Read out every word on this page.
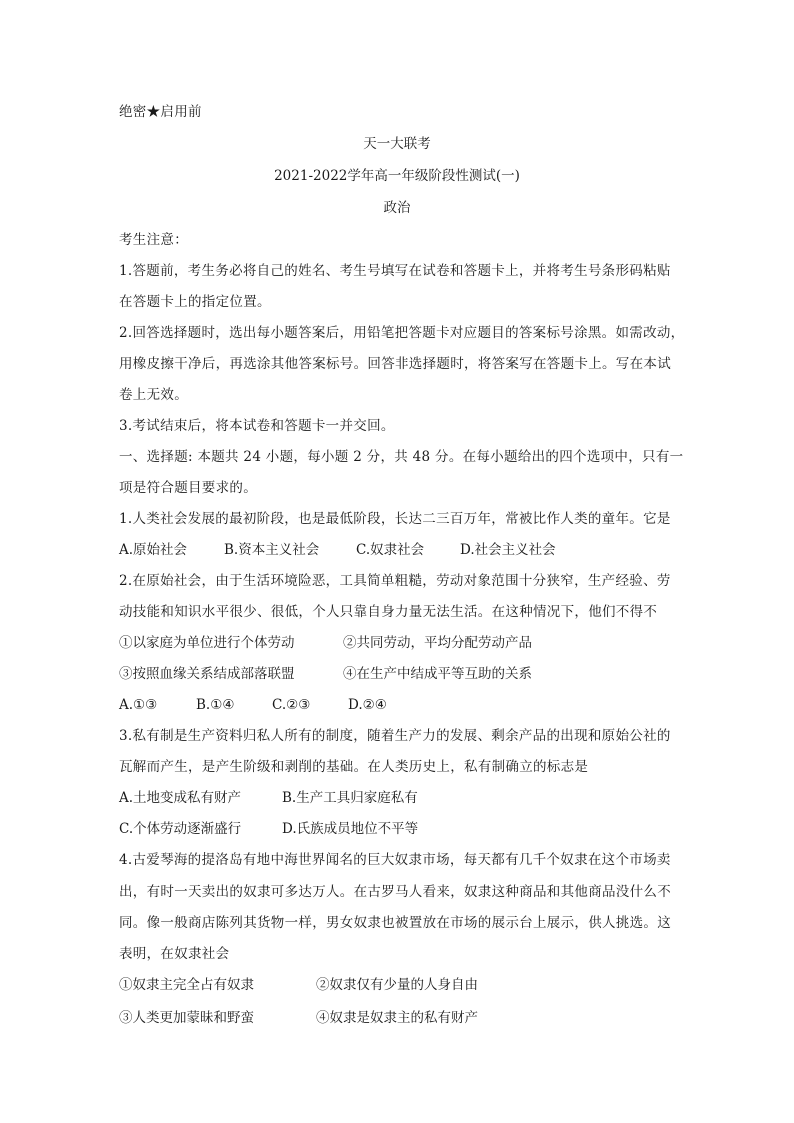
绝密★启用前
天一大联考
2021-2022学年高一年级阶段性测试(一)
政治
考生注意：
1.答题前，考生务必将自己的姓名、考生号填写在试卷和答题卡上，并将考生号条形码粘贴
在答题卡上的指定位置。
2.回答选择题时，选出每小题答案后，用铅笔把答题卡对应题目的答案标号涂黑。如需改动，
用橡皮擦干净后，再选涂其他答案标号。回答非选择题时，将答案写在答题卡上。写在本试
卷上无效。
3.考试结束后，将本试卷和答题卡一并交回。
一、选择题: 本题共 24 小题，每小题 2 分，共 48 分。在每小题给出的四个选项中，只有一
项是符合题目要求的。
1.人类社会发展的最初阶段，也是最低阶段，长达二三百万年，常被比作人类的童年。它是
A.原始社会	B.资本主义社会	C.奴隶社会	D.社会主义社会
2.在原始社会，由于生活环境险恶，工具简单粗糙，劳动对象范围十分狭窄，生产经验、劳
动技能和知识水平很少、很低，个人只靠自身力量无法生活。在这种情况下，他们不得不
①以家庭为单位进行个体劳动	②共同劳动，平均分配劳动产品
③按照血缘关系结成部落联盟	④在生产中结成平等互助的关系
A.①③	B.①④	C.②③	D.②④
3.私有制是生产资料归私人所有的制度，随着生产力的发展、剩余产品的出现和原始公社的
瓦解而产生，是产生阶级和剥削的基础。在人类历史上，私有制确立的标志是
A.土地变成私有财产	B.生产工具归家庭私有
C.个体劳动逐渐盛行	D.氏族成员地位不平等
4.古爱琴海的提洛岛有地中海世界闻名的巨大奴隶市场，每天都有几千个奴隶在这个市场卖
出，有时一天卖出的奴隶可多达万人。在古罗马人看来，奴隶这种商品和其他商品没什么不
同。像一般商店陈列其货物一样，男女奴隶也被置放在市场的展示台上展示，供人挑选。这
表明，在奴隶社会
①奴隶主完全占有奴隶	②奴隶仅有少量的人身自由
③人类更加蒙昧和野蛮	④奴隶是奴隶主的私有财产
